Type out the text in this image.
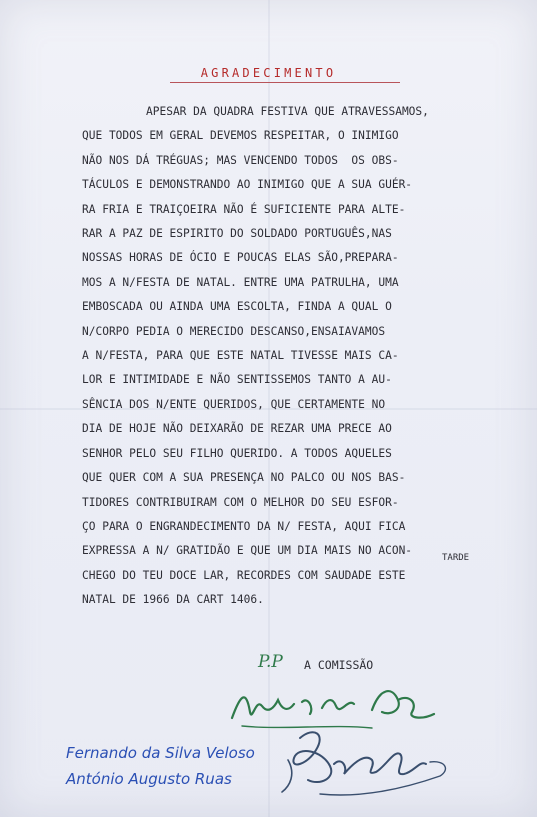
AGRADECIMENTO
APESAR DA QUADRA FESTIVA QUE ATRAVESSAMOS,
QUE TODOS EM GERAL DEVEMOS RESPEITAR, O INIMIGO
NÃO NOS DÁ TRÉGUAS; MAS VENCENDO TODOS  OS OBS-
TÁCULOS E DEMONSTRANDO AO INIMIGO QUE A SUA GUÉR-
RA FRIA E TRAIÇOEIRA NÃO É SUFICIENTE PARA ALTE-
RAR A PAZ DE ESPIRITO DO SOLDADO PORTUGUÊS,NAS
NOSSAS HORAS DE ÓCIO E POUCAS ELAS SÃO,PREPARA-
MOS A N/FESTA DE NATAL. ENTRE UMA PATRULHA, UMA
EMBOSCADA OU AINDA UMA ESCOLTA, FINDA A QUAL O
N/CORPO PEDIA O MERECIDO DESCANSO,ENSAIAVAMOS
A N/FESTA, PARA QUE ESTE NATAL TIVESSE MAIS CA-
LOR E INTIMIDADE E NÃO SENTISSEMOS TANTO A AU-
SÊNCIA DOS N/ENTE QUERIDOS, QUE CERTAMENTE NO
DIA DE HOJE NÃO DEIXARÃO DE REZAR UMA PRECE AO
SENHOR PELO SEU FILHO QUERIDO. A TODOS AQUELES
QUE QUER COM A SUA PRESENÇA NO PALCO OU NOS BAS-
TIDORES CONTRIBUIRAM COM O MELHOR DO SEU ESFOR-
ÇO PARA O ENGRANDECIMENTO DA N/ FESTA, AQUI FICA
EXPRESSA A N/ GRATIDÃO E QUE UM DIA MAIS NO ACON-
CHEGO DO TEU DOCE LAR, RECORDES COM SAUDADE ESTE
NATAL DE 1966 DA CART 1406.
TARDE
P.P A COMISSÃO
Fernando da Silva Veloso
António Augusto Ruas
